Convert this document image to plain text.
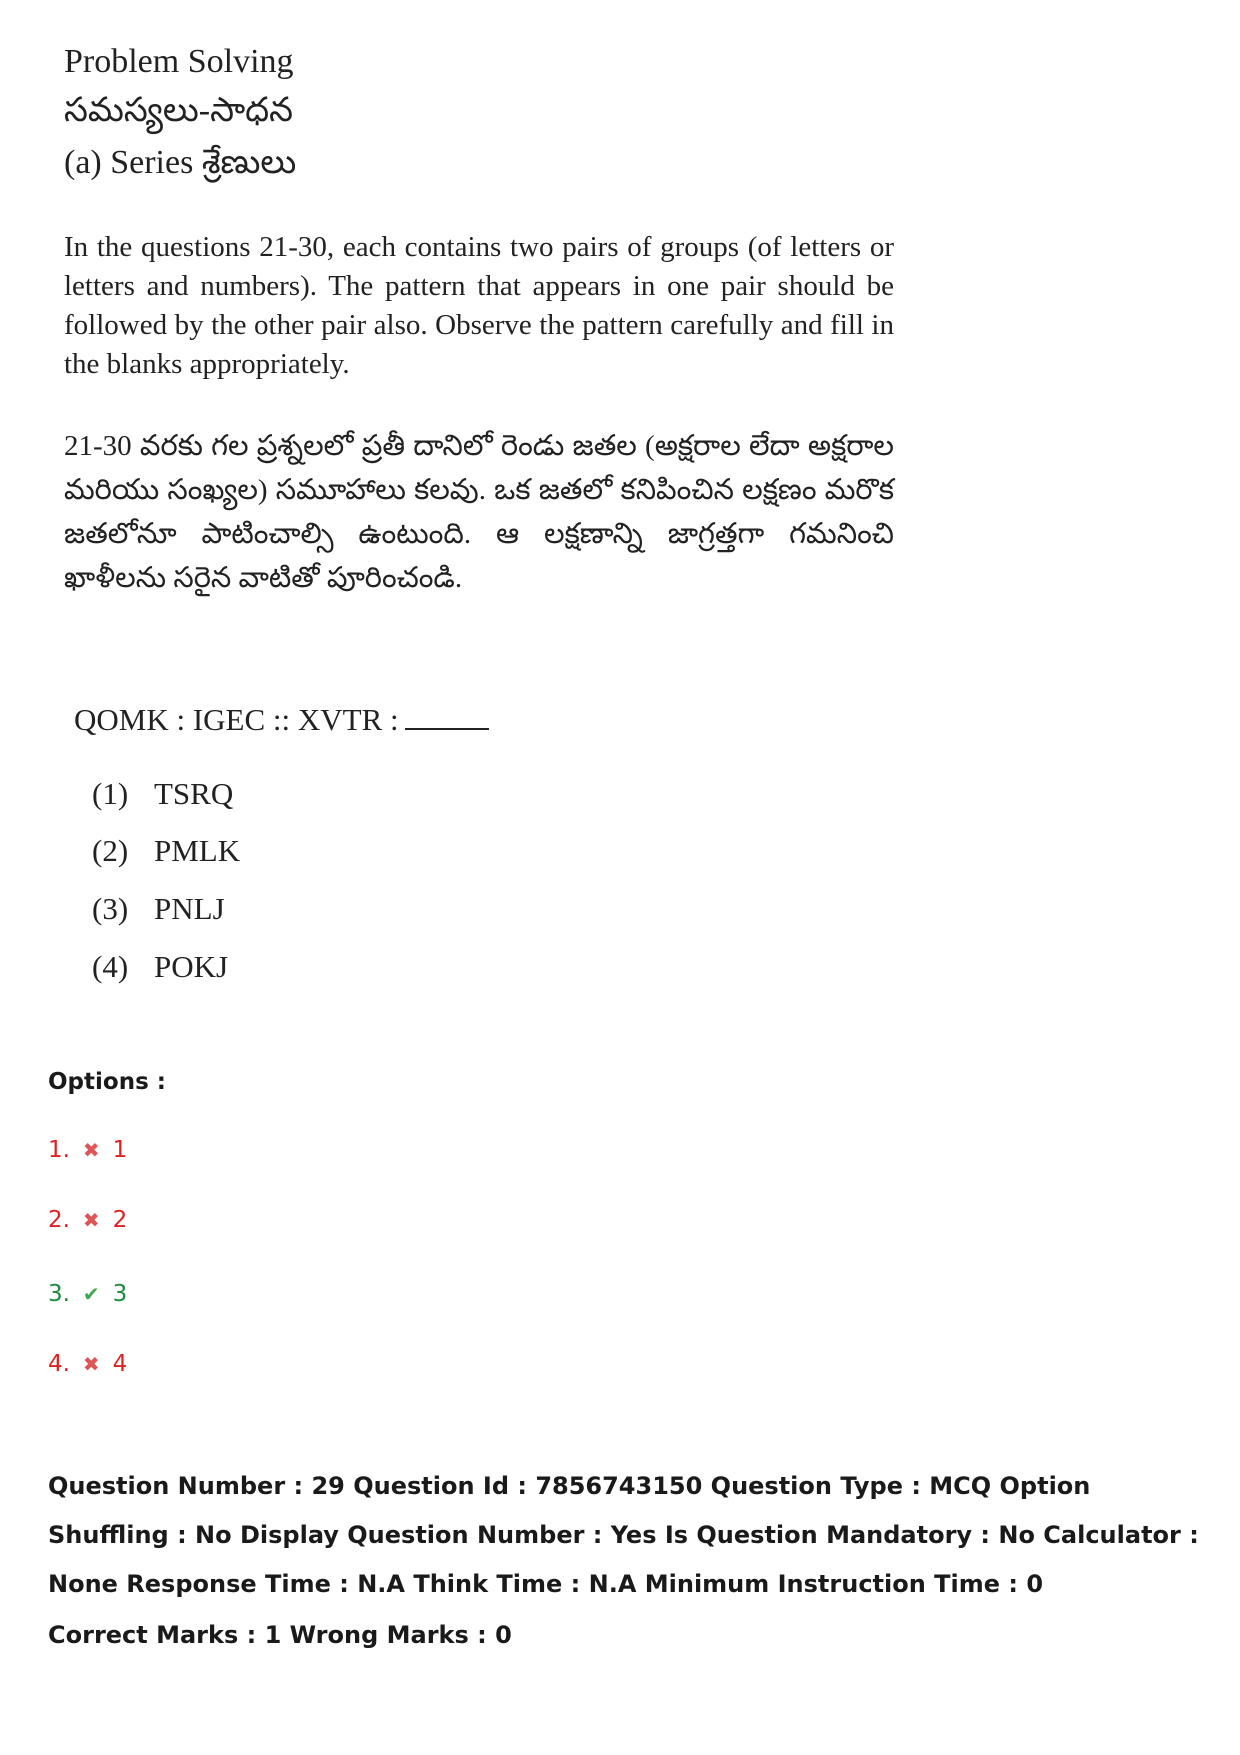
Problem Solving
సమస్యలు-సాధన
(a) Series శ్రేణులు
In the questions 21-30, each contains two pairs of groups (of letters or letters and numbers). The pattern that appears in one pair should be followed by the other pair also. Observe the pattern carefully and fill in the blanks appropriately.
21-30 వరకు గల ప్రశ్నలలో ప్రతీ దానిలో రెండు జతల (అక్షరాల లేదా అక్షరాల మరియు సంఖ్యల) సమూహాలు కలవు. ఒక జతలో కనిపించిన లక్షణం మరొక జతలోనూ పాటించాల్సి ఉంటుంది. ఆ లక్షణాన్ని జాగ్రత్తగా గమనించి ఖాళీలను సరైన వాటితో పూరించండి.
QOMK : IGEC :: XVTR :
(1) TSRQ
(2) PMLK
(3) PNLJ
(4) POKJ
Options :
1. ✖ 1
2. ✖ 2
3. ✔ 3
4. ✖ 4
Question Number : 29 Question Id : 7856743150 Question Type : MCQ Option Shuffling : No Display Question Number : Yes Is Question Mandatory : No Calculator : None Response Time : N.A Think Time : N.A Minimum Instruction Time : 0
Correct Marks : 1 Wrong Marks : 0
